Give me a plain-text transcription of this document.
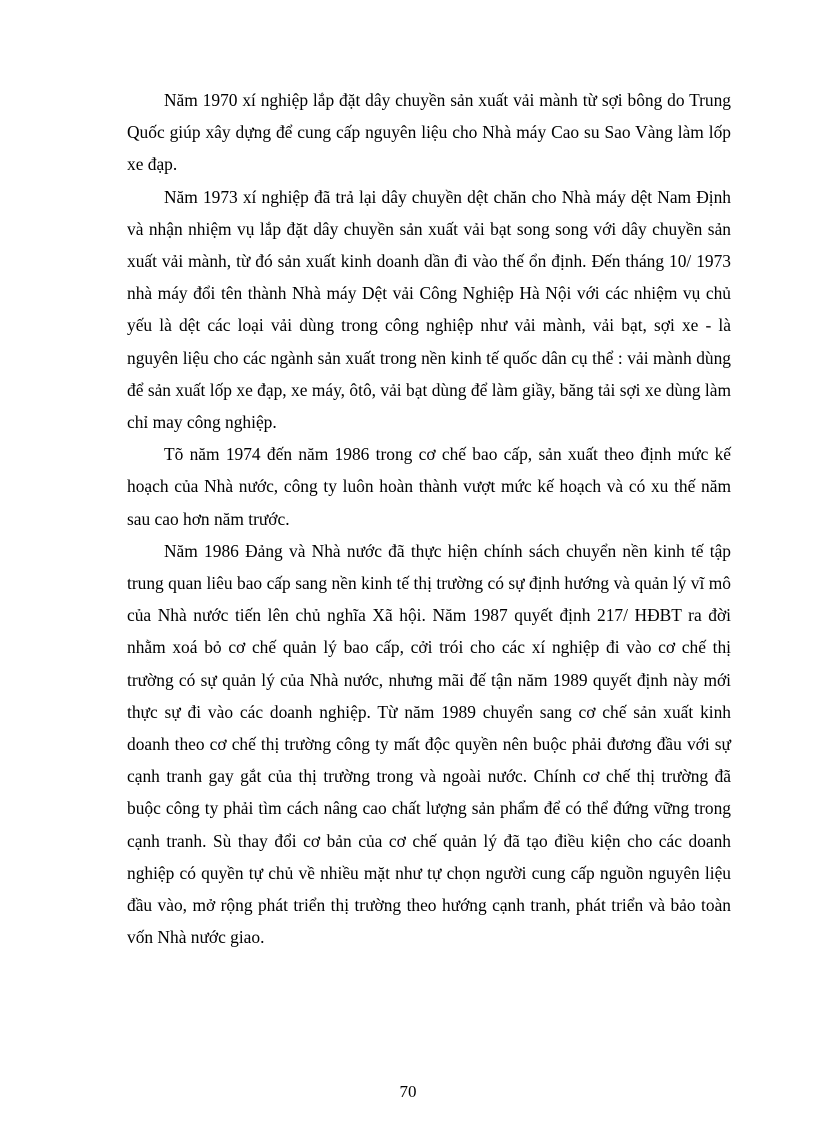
Năm 1970 xí nghiệp lắp đặt dây chuyền sản xuất vải mành từ sợi bông do Trung Quốc giúp xây dựng để cung cấp nguyên liệu cho Nhà máy Cao su Sao Vàng làm lốp xe đạp.

Năm 1973 xí nghiệp đã trả lại dây chuyền dệt chăn cho Nhà máy dệt Nam Định và nhận nhiệm vụ lắp đặt dây chuyền sản xuất vải bạt song song với dây chuyền sản xuất vải mành, từ đó sản xuất kinh doanh dần đi vào thế ổn định. Đến tháng 10/ 1973 nhà máy đổi tên thành Nhà máy Dệt vải Công Nghiệp Hà Nội với các nhiệm vụ chủ yếu là dệt các loại vải dùng trong công nghiệp như vải mành, vải bạt, sợi xe - là nguyên liệu cho các ngành sản xuất trong nền kinh tế quốc dân cụ thể : vải mành dùng để sản xuất lốp xe đạp, xe máy, ôtô, vải bạt dùng để làm giầy, băng tải sợi xe dùng làm chỉ may công nghiệp.

Tõ năm 1974 đến năm 1986 trong cơ chế bao cấp, sản xuất theo định mức kế hoạch của Nhà nước, công ty luôn hoàn thành vượt mức kế hoạch và có xu thế năm sau cao hơn năm trước.

Năm 1986 Đảng và Nhà nước đã thực hiện chính sách chuyển nền kinh tế tập trung quan liêu bao cấp sang nền kinh tế thị trường có sự định hướng và quản lý vĩ mô của Nhà nước tiến lên chủ nghĩa Xã hội. Năm 1987 quyết định 217/ HĐBT ra đời nhằm xoá bỏ cơ chế quản lý bao cấp, cởi trói cho các xí nghiệp đi vào cơ chế thị trường có sự quản lý của Nhà nước, nhưng mãi đế tận năm 1989 quyết định này mới thực sự đi vào các doanh nghiệp. Từ năm 1989 chuyển sang cơ chế sản xuất kinh doanh theo cơ chế thị trường công ty mất độc quyền nên buộc phải đương đầu với sự cạnh tranh gay gắt của thị trường trong và ngoài nước. Chính cơ chế thị trường đã buộc công ty phải tìm cách nâng cao chất lượng sản phẩm để có thể đứng vững trong cạnh tranh. Sù thay đổi cơ bản của cơ chế quản lý đã tạo điều kiện cho các doanh nghiệp có quyền tự chủ về nhiều mặt như tự chọn người cung cấp nguồn nguyên liệu đầu vào, mở rộng phát triển thị trường theo hướng cạnh tranh, phát triển và bảo toàn vốn Nhà nước giao.

70
